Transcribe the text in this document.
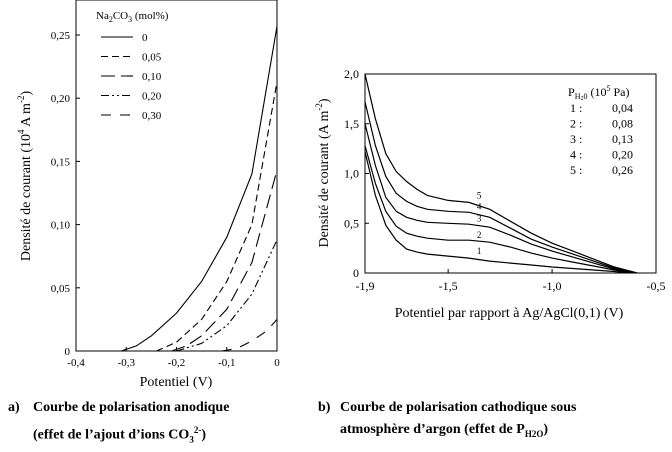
-0,4	-0,3	-0,2	-0,1	0
0
0,05
0,10
0,15
0,20
0,25
$Na_2CO_3$ (mol%)
0
0,05
0,10
0,20
0,30
Potentiel (V)
Densité de courant ($10^4$ A $m^{-2}$)
-1,9	-1,5	-1,0	-0,5
0
0,5
1,0
1,5
2,0
1
2
3
4
5
$P_H20$ ($10^5$ Pa)
1 : 0,04
2 : 0,08
3 : 0,13
4 : 0,20
5 : 0,26
Potentiel par rapport à Ag/AgCl(0,1) (V)
Densité de courant (A $m^{-2}$)
a) Courbe de polarisation anodique
(effet de l’ajout d’ions $CO_3^{2-}$)
b) Courbe de polarisation cathodique sous
atmosphère d’argon (effet de $P_{H2O}$)
